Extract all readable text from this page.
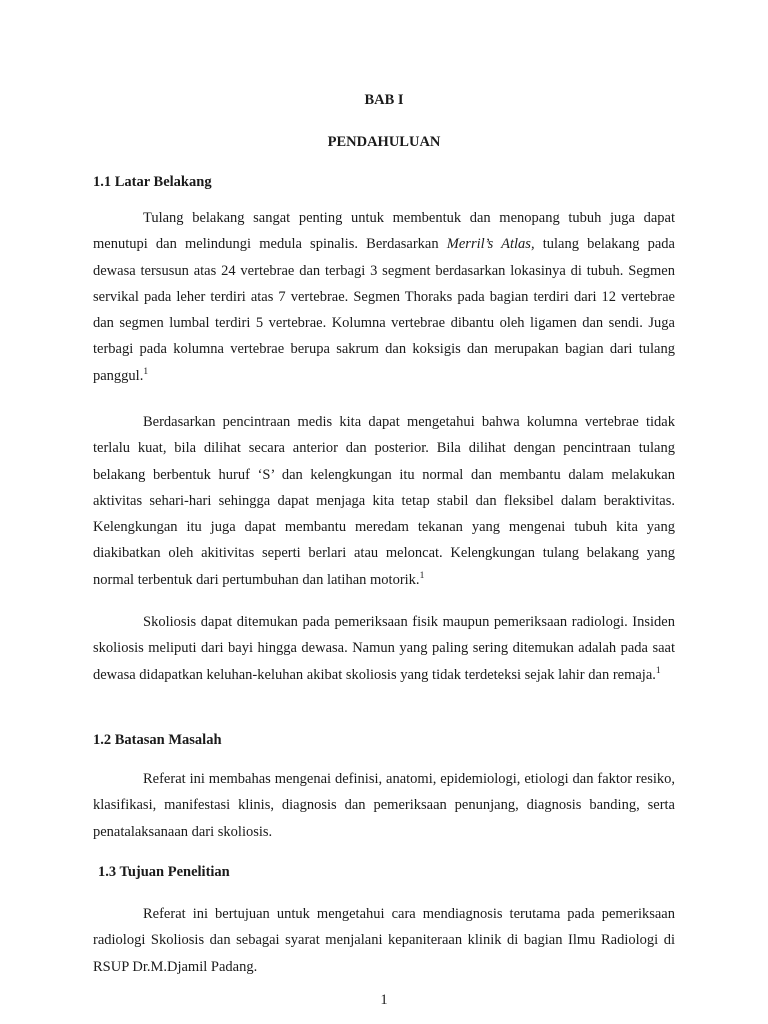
BAB I

PENDAHULUAN

1.1 Latar Belakang

Tulang belakang sangat penting untuk membentuk dan menopang tubuh juga dapat menutupi dan melindungi medula spinalis. Berdasarkan Merril’s Atlas, tulang belakang pada dewasa tersusun atas 24 vertebrae dan terbagi 3 segment berdasarkan lokasinya di tubuh. Segmen servikal pada leher terdiri atas 7 vertebrae. Segmen Thoraks pada bagian terdiri dari 12 vertebrae dan segmen lumbal terdiri 5 vertebrae. Kolumna vertebrae dibantu oleh ligamen dan sendi. Juga terbagi pada kolumna vertebrae berupa sakrum dan koksigis dan merupakan bagian dari tulang panggul.$^1$

Berdasarkan pencintraan medis kita dapat mengetahui bahwa kolumna vertebrae tidak terlalu kuat, bila dilihat secara anterior dan posterior. Bila dilihat dengan pencintraan tulang belakang berbentuk huruf ‘S’ dan kelengkungan itu normal dan membantu dalam melakukan aktivitas sehari-hari sehingga dapat menjaga kita tetap stabil dan fleksibel dalam beraktivitas. Kelengkungan itu juga dapat membantu meredam tekanan yang mengenai tubuh kita yang diakibatkan oleh akitivitas seperti berlari atau meloncat. Kelengkungan tulang belakang yang normal terbentuk dari pertumbuhan dan latihan motorik.$^1$

Skoliosis dapat ditemukan pada pemeriksaan fisik maupun pemeriksaan radiologi. Insiden skoliosis meliputi dari bayi hingga dewasa. Namun yang paling sering ditemukan adalah pada saat dewasa didapatkan keluhan-keluhan akibat skoliosis yang tidak terdeteksi sejak lahir dan remaja.$^1$

1.2 Batasan Masalah

Referat ini membahas mengenai definisi, anatomi, epidemiologi, etiologi dan faktor resiko, klasifikasi, manifestasi klinis, diagnosis dan pemeriksaan penunjang, diagnosis banding, serta penatalaksanaan dari skoliosis.

1.3 Tujuan Penelitian

Referat ini bertujuan untuk mengetahui cara mendiagnosis terutama pada pemeriksaan radiologi Skoliosis dan sebagai syarat menjalani kepaniteraan klinik di bagian Ilmu Radiologi di RSUP Dr.M.Djamil Padang.

1
